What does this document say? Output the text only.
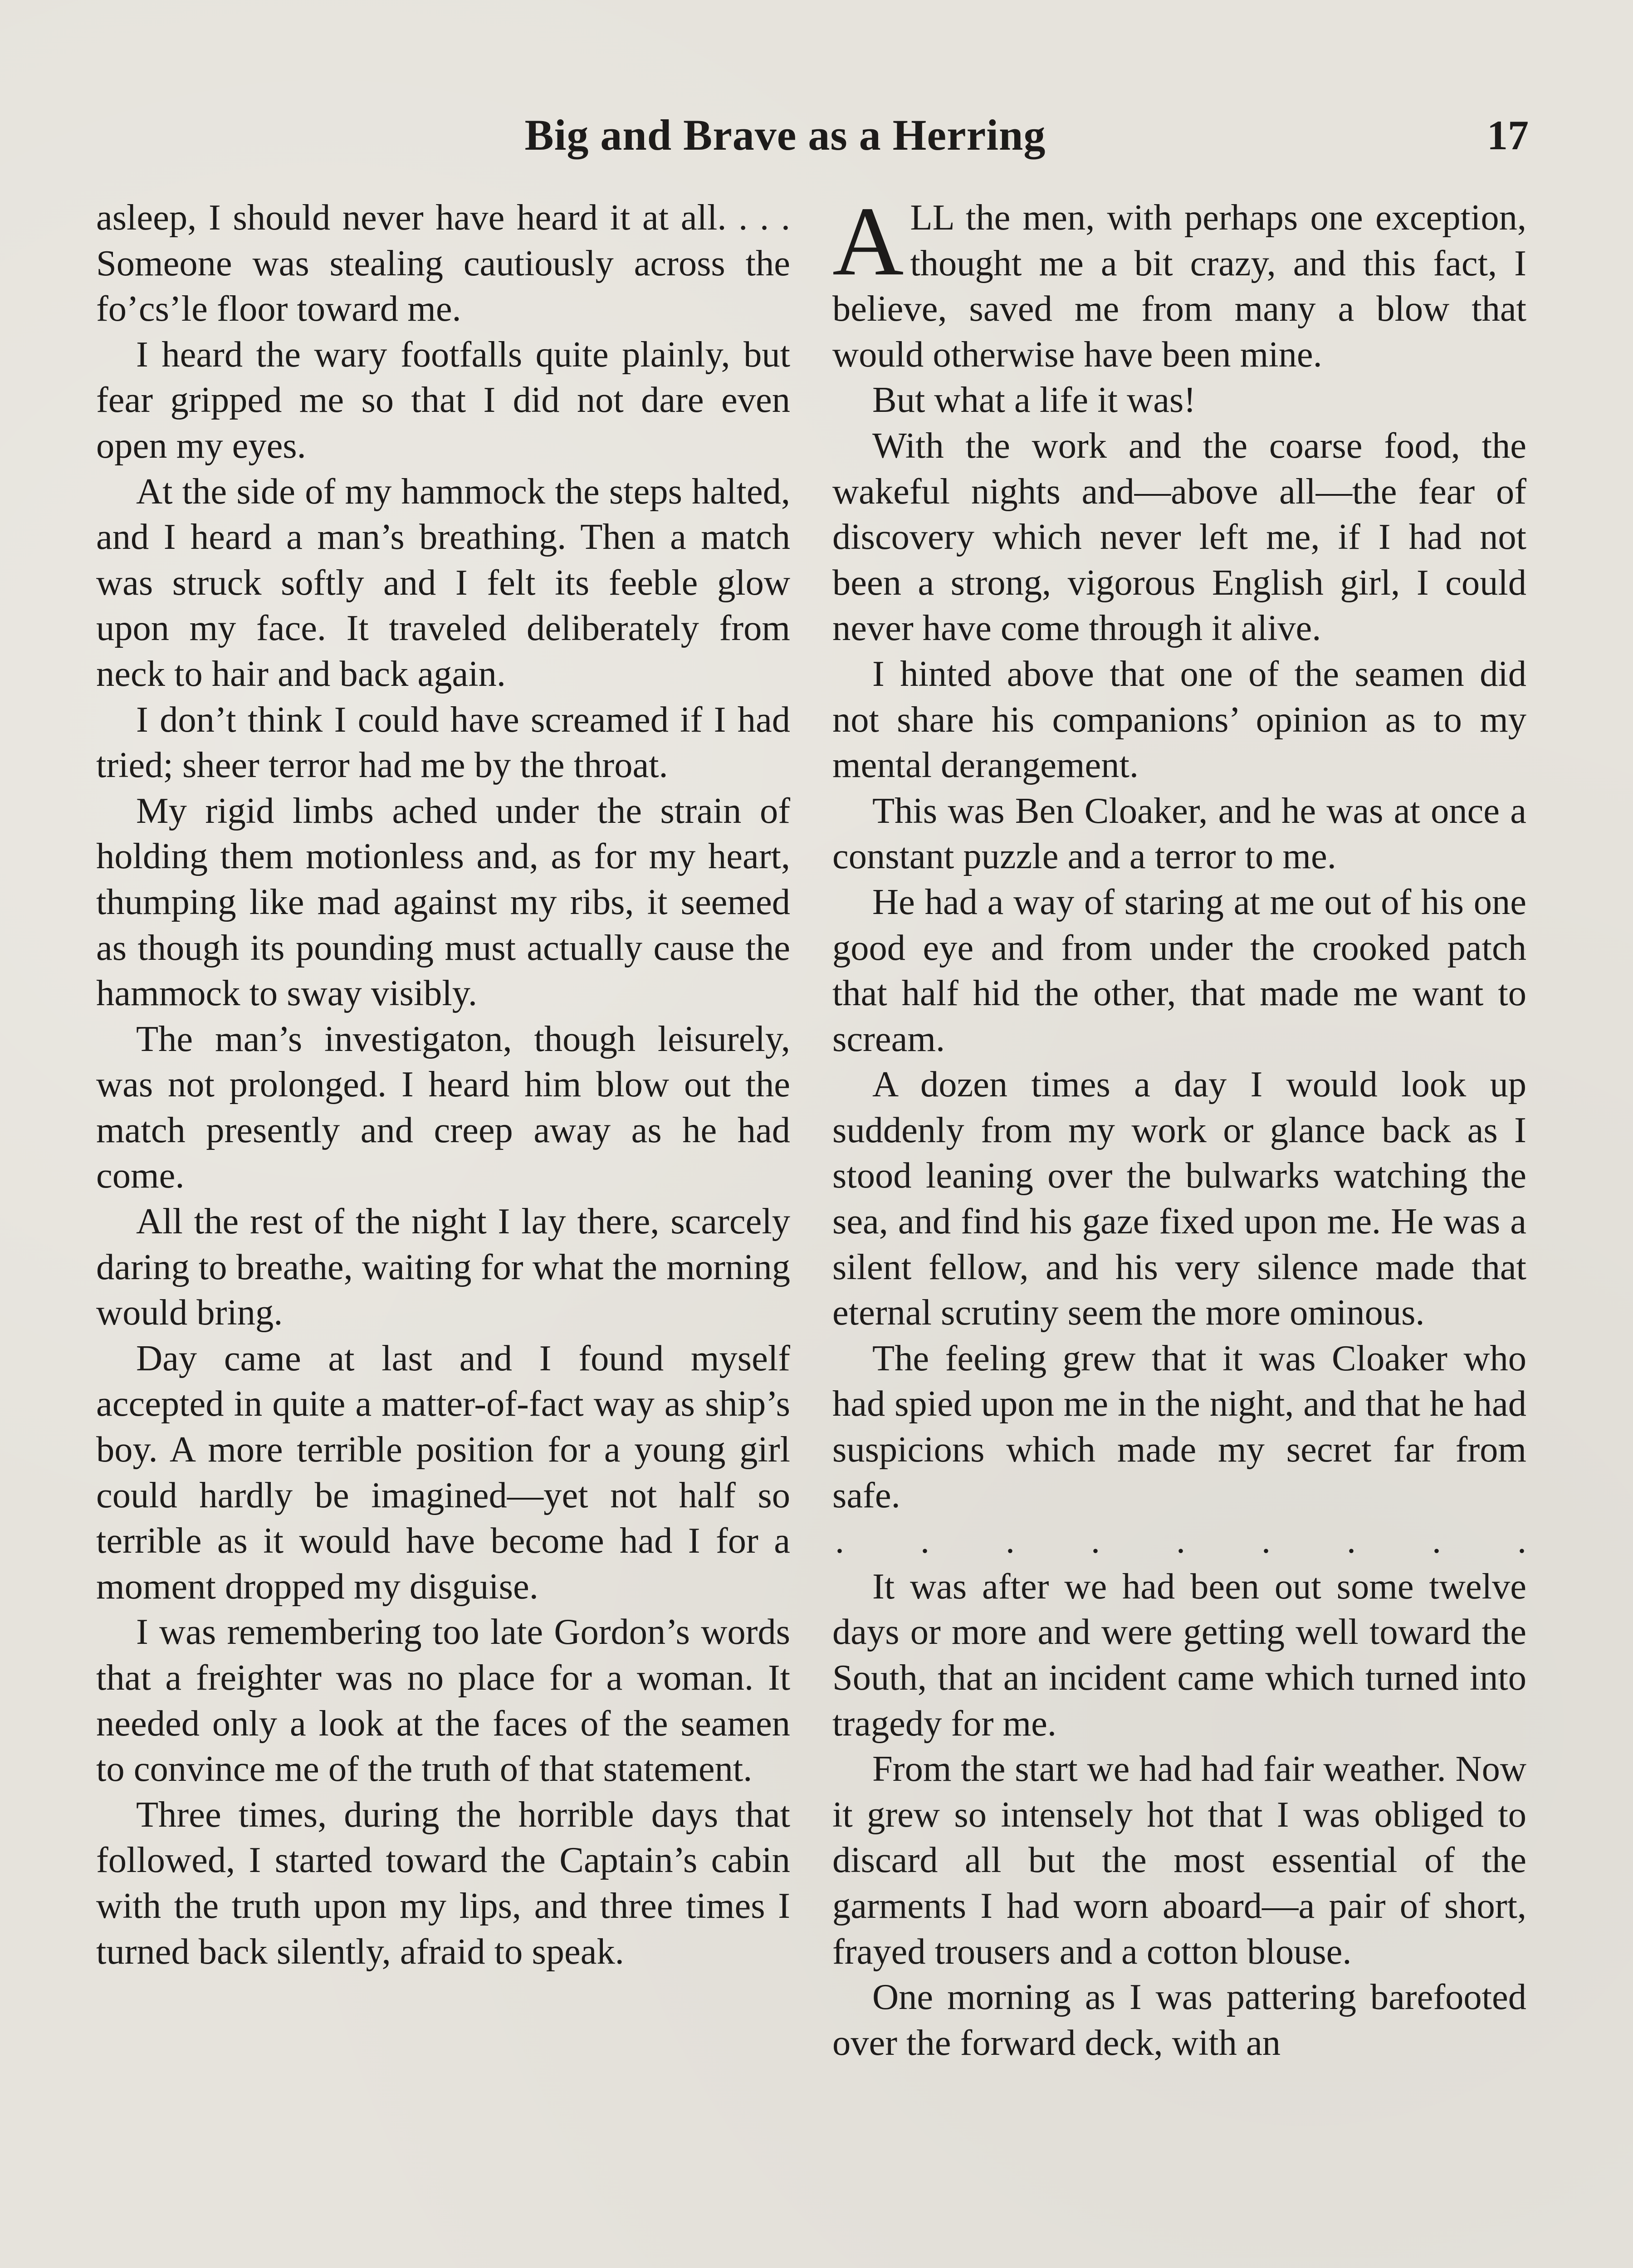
Big and Brave as a Herring	17

asleep, I should never have heard it at all. . . . Someone was stealing cautiously across the fo’cs’le floor toward me.

I heard the wary footfalls quite plainly, but fear gripped me so that I did not dare even open my eyes.

At the side of my hammock the steps halted, and I heard a man’s breathing. Then a match was struck softly and I felt its feeble glow upon my face. It traveled deliberately from neck to hair and back again.

I don’t think I could have screamed if I had tried; sheer terror had me by the throat.

My rigid limbs ached under the strain of holding them motionless and, as for my heart, thumping like mad against my ribs, it seemed as though its pounding must actually cause the hammock to sway visibly.

The man’s investigaton, though leisurely, was not prolonged. I heard him blow out the match presently and creep away as he had come.

All the rest of the night I lay there, scarcely daring to breathe, waiting for what the morning would bring.

Day came at last and I found myself accepted in quite a matter-of-fact way as ship’s boy. A more terrible position for a young girl could hardly be imagined—yet not half so terrible as it would have become had I for a moment dropped my disguise.

I was remembering too late Gordon’s words that a freighter was no place for a woman. It needed only a look at the faces of the seamen to convince me of the truth of that statement.

Three times, during the horrible days that followed, I started toward the Captain’s cabin with the truth upon my lips, and three times I turned back silently, afraid to speak.

ALL the men, with perhaps one exception, thought me a bit crazy, and this fact, I believe, saved me from many a blow that would otherwise have been mine.

But what a life it was!

With the work and the coarse food, the wakeful nights and—above all—the fear of discovery which never left me, if I had not been a strong, vigorous English girl, I could never have come through it alive.

I hinted above that one of the seamen did not share his companions’ opinion as to my mental derangement.

This was Ben Cloaker, and he was at once a constant puzzle and a terror to me.

He had a way of staring at me out of his one good eye and from under the crooked patch that half hid the other, that made me want to scream.

A dozen times a day I would look up suddenly from my work or glance back as I stood leaning over the bulwarks watching the sea, and find his gaze fixed upon me. He was a silent fellow, and his very silence made that eternal scrutiny seem the more ominous.

The feeling grew that it was Cloaker who had spied upon me in the night, and that he had suspicions which made my secret far from safe.

. . . . . . . . .

It was after we had been out some twelve days or more and were getting well toward the South, that an incident came which turned into tragedy for me.

From the start we had had fair weather. Now it grew so intensely hot that I was obliged to discard all but the most essential of the garments I had worn aboard—a pair of short, frayed trousers and a cotton blouse.

One morning as I was pattering barefooted over the forward deck, with an
